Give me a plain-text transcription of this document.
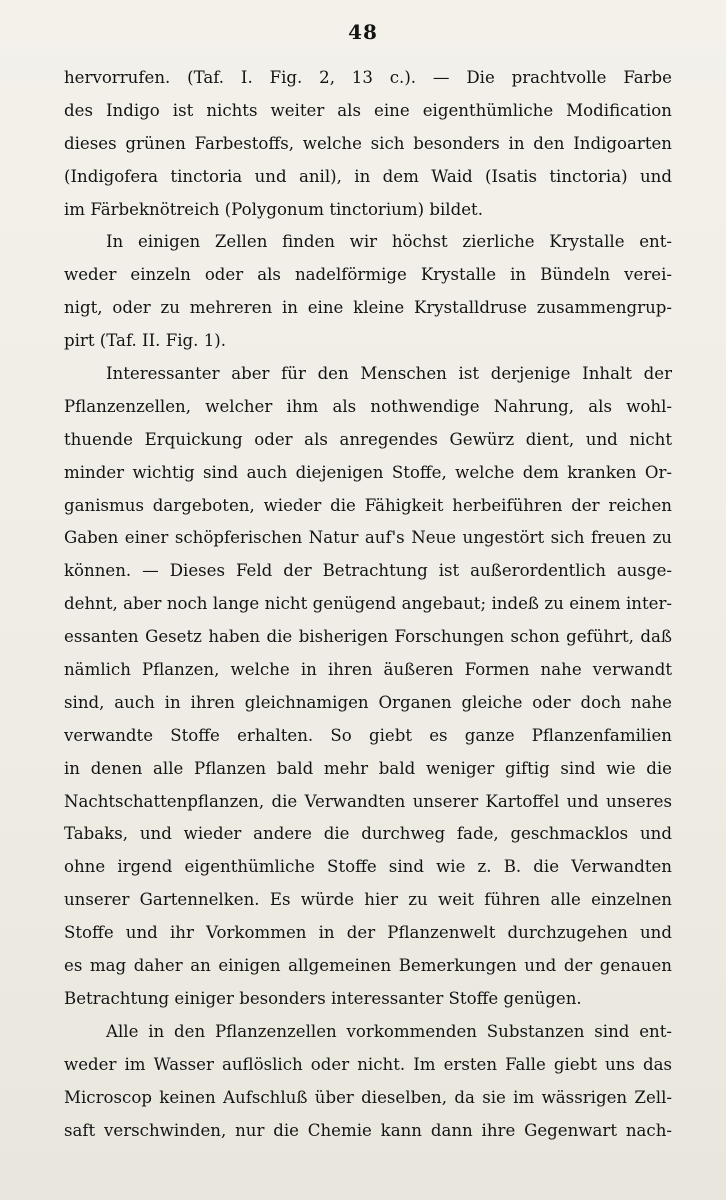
48
hervorrufen. (Taf. I. Fig. 2, 13 c.). — Die prachtvolle Farbe
des Indigo ist nichts weiter als eine eigenthümliche Modification
dieses grünen Farbestoffs, welche sich besonders in den Indigoarten
(Indigofera tinctoria und anil), in dem Waid (Isatis tinctoria) und
im Färbeknötreich (Polygonum tinctorium) bildet.
In einigen Zellen finden wir höchst zierliche Krystalle ent-
weder einzeln oder als nadelförmige Krystalle in Bündeln verei-
nigt, oder zu mehreren in eine kleine Krystalldruse zusammengrup-
pirt (Taf. II. Fig. 1).
Interessanter aber für den Menschen ist derjenige Inhalt der
Pflanzenzellen, welcher ihm als nothwendige Nahrung, als wohl-
thuende Erquickung oder als anregendes Gewürz dient, und nicht
minder wichtig sind auch diejenigen Stoffe, welche dem kranken Or-
ganismus dargeboten, wieder die Fähigkeit herbeiführen der reichen
Gaben einer schöpferischen Natur auf's Neue ungestört sich freuen zu
können. — Dieses Feld der Betrachtung ist außerordentlich ausge-
dehnt, aber noch lange nicht genügend angebaut; indeß zu einem inter-
essanten Gesetz haben die bisherigen Forschungen schon geführt, daß
nämlich Pflanzen, welche in ihren äußeren Formen nahe verwandt
sind, auch in ihren gleichnamigen Organen gleiche oder doch nahe
verwandte Stoffe erhalten. So giebt es ganze Pflanzenfamilien
in denen alle Pflanzen bald mehr bald weniger giftig sind wie die
Nachtschattenpflanzen, die Verwandten unserer Kartoffel und unseres
Tabaks, und wieder andere die durchweg fade, geschmacklos und
ohne irgend eigenthümliche Stoffe sind wie z. B. die Verwandten
unserer Gartennelken. Es würde hier zu weit führen alle einzelnen
Stoffe und ihr Vorkommen in der Pflanzenwelt durchzugehen und
es mag daher an einigen allgemeinen Bemerkungen und der genauen
Betrachtung einiger besonders interessanter Stoffe genügen.
Alle in den Pflanzenzellen vorkommenden Substanzen sind ent-
weder im Wasser auflöslich oder nicht. Im ersten Falle giebt uns das
Microscop keinen Aufschluß über dieselben, da sie im wässrigen Zell-
saft verschwinden, nur die Chemie kann dann ihre Gegenwart nach-
